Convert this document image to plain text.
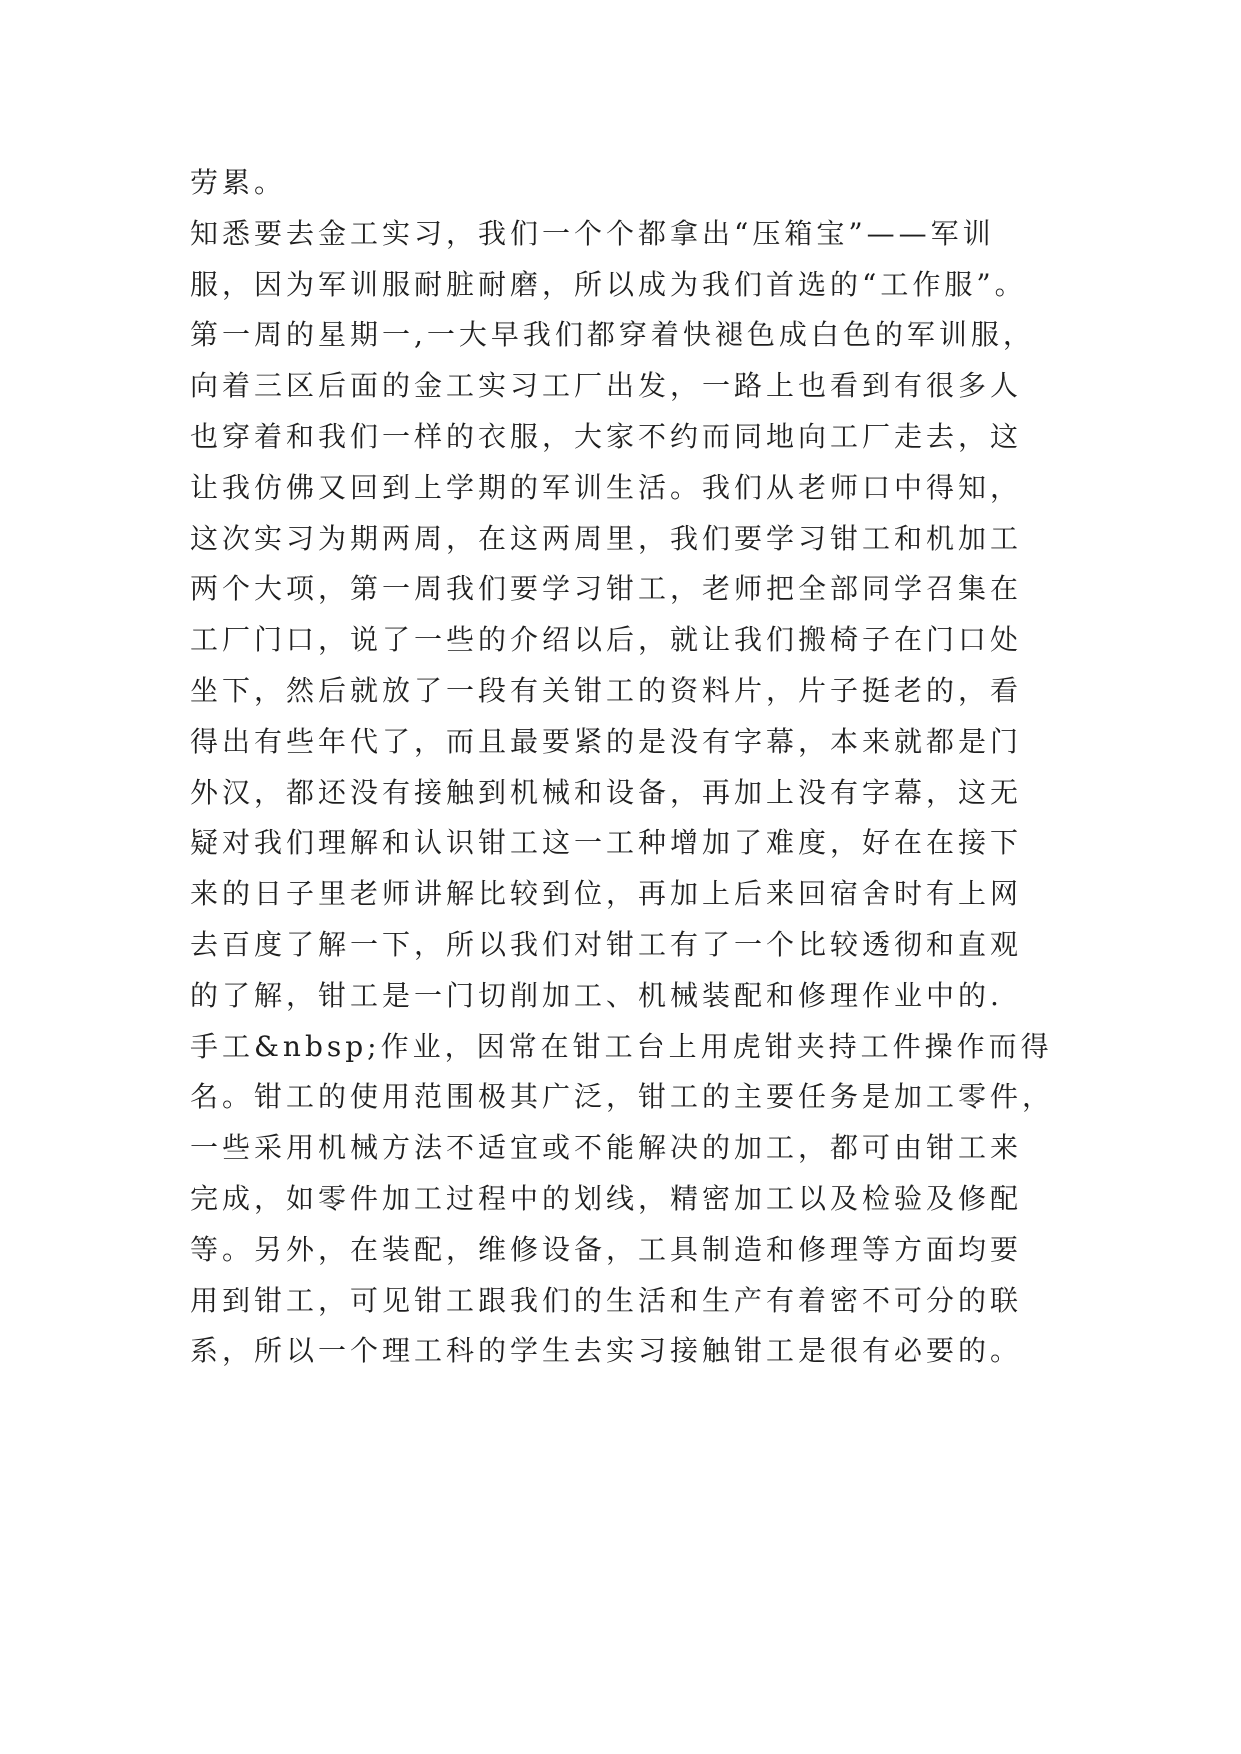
劳累。
知悉要去金工实习，我们一个个都拿出“压箱宝”——军训
服，因为军训服耐脏耐磨，所以成为我们首选的“工作服”。
第一周的星期一,一大早我们都穿着快褪色成白色的军训服，
向着三区后面的金工实习工厂出发，一路上也看到有很多人
也穿着和我们一样的衣服，大家不约而同地向工厂走去，这
让我仿佛又回到上学期的军训生活。我们从老师口中得知，
这次实习为期两周，在这两周里，我们要学习钳工和机加工
两个大项，第一周我们要学习钳工，老师把全部同学召集在
工厂门口，说了一些的介绍以后，就让我们搬椅子在门口处
坐下，然后就放了一段有关钳工的资料片，片子挺老的，看
得出有些年代了，而且最要紧的是没有字幕，本来就都是门
外汉，都还没有接触到机械和设备，再加上没有字幕，这无
疑对我们理解和认识钳工这一工种增加了难度，好在在接下
来的日子里老师讲解比较到位，再加上后来回宿舍时有上网
去百度了解一下，所以我们对钳工有了一个比较透彻和直观
的了解，钳工是一门切削加工、机械装配和修理作业中的.
手工&nbsp;作业，因常在钳工台上用虎钳夹持工件操作而得
名。钳工的使用范围极其广泛，钳工的主要任务是加工零件，
一些采用机械方法不适宜或不能解决的加工，都可由钳工来
完成，如零件加工过程中的划线，精密加工以及检验及修配
等。另外，在装配，维修设备，工具制造和修理等方面均要
用到钳工，可见钳工跟我们的生活和生产有着密不可分的联
系，所以一个理工科的学生去实习接触钳工是很有必要的。
